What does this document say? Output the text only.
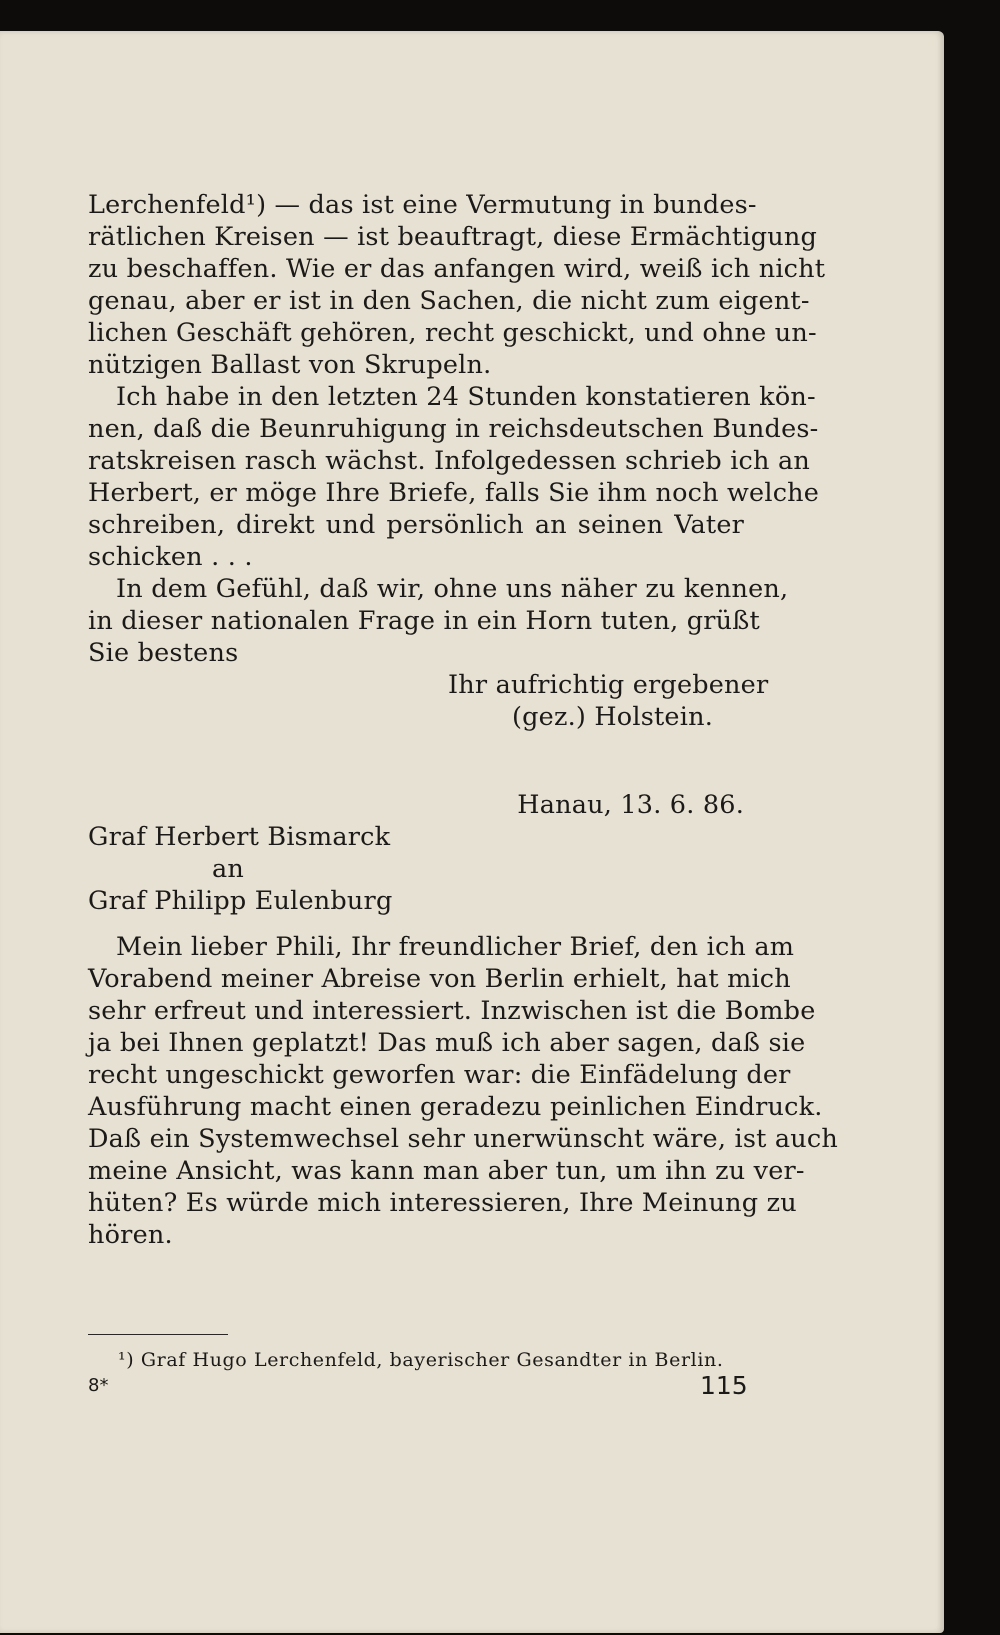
Lerchenfeld¹) — das ist eine Vermutung in bundes-
rätlichen Kreisen — ist beauftragt, diese Ermächtigung
zu beschaffen. Wie er das anfangen wird, weiß ich nicht
genau, aber er ist in den Sachen, die nicht zum eigent-
lichen Geschäft gehören, recht geschickt, und ohne un-
nützigen Ballast von Skrupeln.
Ich habe in den letzten 24 Stunden konstatieren kön-
nen, daß die Beunruhigung in reichsdeutschen Bundes-
ratskreisen rasch wächst. Infolgedessen schrieb ich an
Herbert, er möge Ihre Briefe, falls Sie ihm noch welche
schreiben, direkt und persönlich an seinen Vater
schicken . . .
In dem Gefühl, daß wir, ohne uns näher zu kennen,
in dieser nationalen Frage in ein Horn tuten, grüßt
Sie bestens
Ihr aufrichtig ergebener
(gez.) Holstein.
Hanau, 13. 6. 86.
Graf Herbert Bismarck
an
Graf Philipp Eulenburg
Mein lieber Phili, Ihr freundlicher Brief, den ich am
Vorabend meiner Abreise von Berlin erhielt, hat mich
sehr erfreut und interessiert. Inzwischen ist die Bombe
ja bei Ihnen geplatzt! Das muß ich aber sagen, daß sie
recht ungeschickt geworfen war: die Einfädelung der
Ausführung macht einen geradezu peinlichen Eindruck.
Daß ein Systemwechsel sehr unerwünscht wäre, ist auch
meine Ansicht, was kann man aber tun, um ihn zu ver-
hüten? Es würde mich interessieren, Ihre Meinung zu
hören.
¹) Graf Hugo Lerchenfeld, bayerischer Gesandter in Berlin.
8*	115
